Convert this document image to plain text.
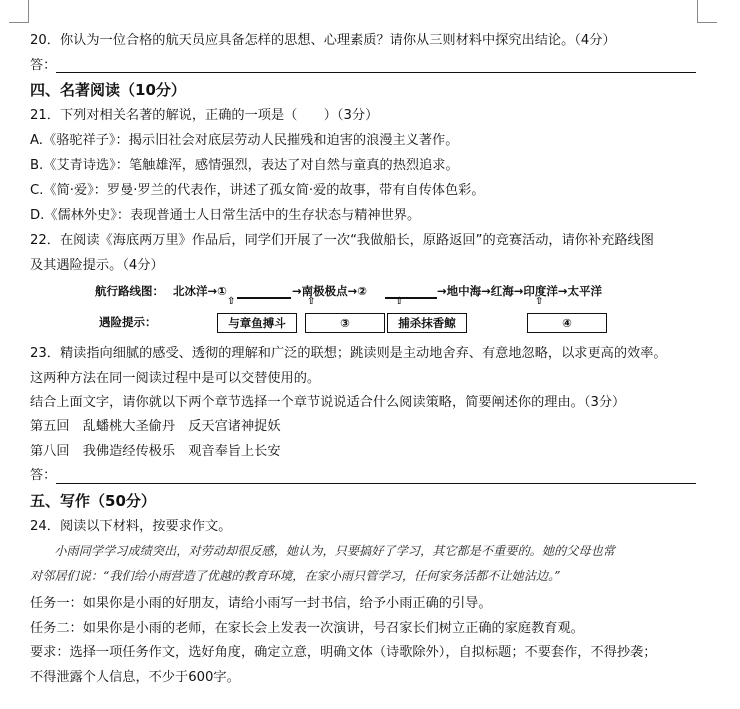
20．你认为一位合格的航天员应具备怎样的思想、心理素质？请你从三则材料中探究出结论。（4分）
答：
四、名著阅读（10分）
21．下列对相关名著的解说，正确的一项是（　　）（3分）
A.《骆驼祥子》：揭示旧社会对底层劳动人民摧残和迫害的浪漫主义著作。
B.《艾青诗选》：笔触雄浑，感情强烈，表达了对自然与童真的热烈追求。
C.《简·爱》：罗曼·罗兰的代表作，讲述了孤女简·爱的故事，带有自传体色彩。
D.《儒林外史》：表现普通士人日常生活中的生存状态与精神世界。
22．在阅读《海底两万里》作品后，同学们开展了一次“我做船长，原路返回”的竞赛活动，请你补充路线图
及其遇险提示。（4分）
航行路线图： 北冰洋→①	→南极极点→②	→地中海→红海→印度洋→太平洋
⇧	⇧	⇧	⇧
遇险提示：	与章鱼搏斗	③	捕杀抹香鲸	④
23．精读指向细腻的感受、透彻的理解和广泛的联想；跳读则是主动地舍弃、有意地忽略，以求更高的效率。
这两种方法在同一阅读过程中是可以交替使用的。
结合上面文字，请你就以下两个章节选择一个章节说说适合什么阅读策略，简要阐述你的理由。（3分）
第五回　乱蟠桃大圣偷丹　反天宫诸神捉妖
第八回　我佛造经传极乐　观音奉旨上长安
答：
五、写作（50分）
24．阅读以下材料，按要求作文。
　　小雨同学学习成绩突出，对劳动却很反感，她认为，只要搞好了学习，其它都是不重要的。她的父母也常
对邻居们说：“我们给小雨营造了优越的教育环境，在家小雨只管学习，任何家务活都不让她沾边。”
任务一：如果你是小雨的好朋友，请给小雨写一封书信，给予小雨正确的引导。
任务二：如果你是小雨的老师，在家长会上发表一次演讲，号召家长们树立正确的家庭教育观。
要求：选择一项任务作文，选好角度，确定立意，明确文体（诗歌除外），自拟标题；不要套作，不得抄袭；
不得泄露个人信息，不少于600字。
